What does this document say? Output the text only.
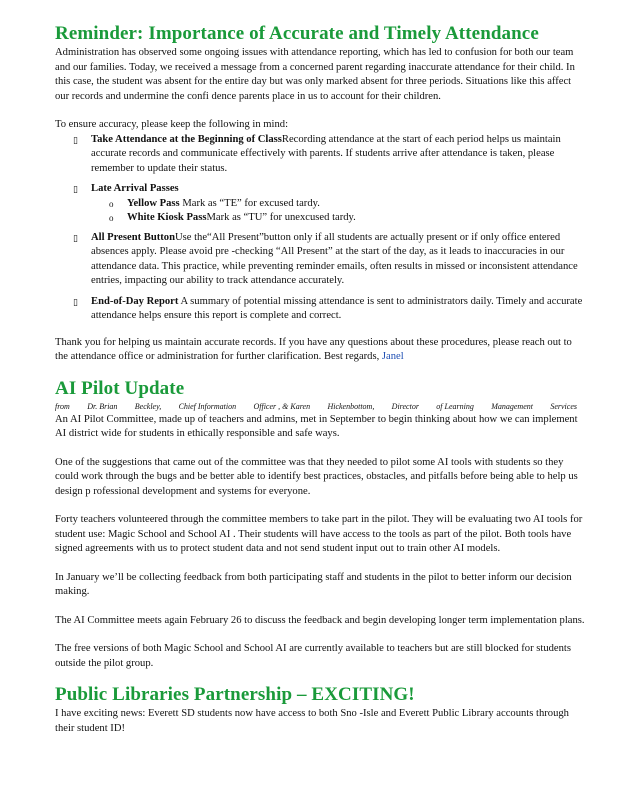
Reminder: Importance of Accurate and Timely Attendance

Administration has observed some ongoing issues with attendance reporting, which has led to confusion for both our team and our families. Today, we received a message from a concerned parent regarding inaccurate attendance for their child. In this case, the student was absent for the entire day but was only marked absent for three periods. Situations like this affect our records and undermine the confi dence parents place in us to account for their children.

To ensure accuracy, please keep the following in mind:

▯ Take Attendance at the Beginning of ClassRecording attendance at the start of each period helps us maintain accurate records and communicate effectively with parents. If students arrive after attendance is taken, please remember to update their status.
▯ Late Arrival Passes
o Yellow Pass Mark as “TE” for excused tardy.
o White Kiosk PassMark as “TU” for unexcused tardy.
▯ All Present ButtonUse the“All Present”button only if all students are actually present or if only office entered absences apply. Please avoid pre -checking “All Present” at the start of the day, as it leads to inaccuracies in our attendance data. This practice, while preventing reminder emails, often results in missed or inconsistent attendance entries, impacting our ability to track attendance accurately.
▯ End-of-Day Report A summary of potential missing attendance is sent to administrators daily. Timely and accurate attendance helps ensure this report is complete and correct.

Thank you for helping us maintain accurate records. If you have any questions about these procedures, please reach out to the attendance office or administration for further clarification. Best regards, Janel

AI Pilot Update
from Dr. Brian Beckley, Chief Information Officer , & Karen Hickenbottom, Director of Learning Management Services

An AI Pilot Committee, made up of teachers and admins, met in September to begin thinking about how we can implement AI district wide for students in ethically responsible and safe ways.

One of the suggestions that came out of the committee was that they needed to pilot some AI tools with students so they could work through the bugs and be better able to identify best practices, obstacles, and pitfalls before being able to help us design p rofessional development and systems for everyone.

Forty teachers volunteered through the committee members to take part in the pilot. They will be evaluating two AI tools for student use: Magic School and School AI . Their students will have access to the tools as part of the pilot. Both tools have signed agreements with us to protect student data and not send student input out to train other AI models.

In January we’ll be collecting feedback from both participating staff and students in the pilot to better inform our decision making.

The AI Committee meets again February 26 to discuss the feedback and begin developing longer term implementation plans.

The free versions of both Magic School and School AI are currently available to teachers but are still blocked for students outside the pilot group.

Public Libraries Partnership – EXCITING!

I have exciting news: Everett SD students now have access to both Sno -Isle and Everett Public Library accounts through their student ID!
